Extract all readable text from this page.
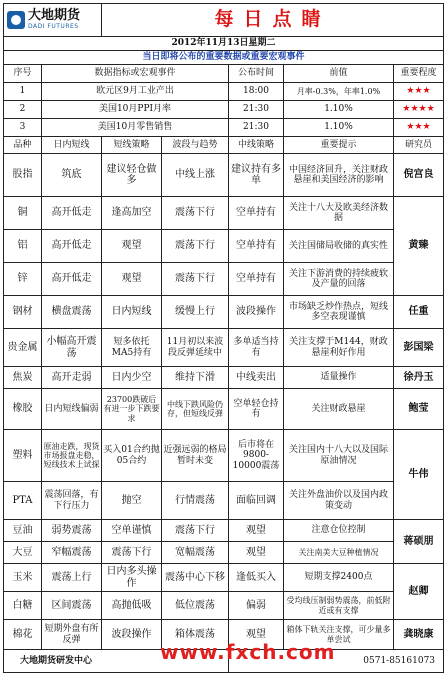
大地期货
DADI FUTURES		每日点睛				
2012年11月13日星期二						
当日即将公布的重要数据或重要宏观事件						
序号	数据指标或宏观事件			公布时间	前值	重要程度
1	欧元区9月工业产出			18:00	月率-0.3%，年率1.0%	★★★
2	美国10月PPI月率			21:30	1.10%	★★★★
3	美国10月零售销售			21:30	1.10%	★★★
品种	日内短线	短线策略	波段与趋势	中线策略	重要提示	研究员
股指	筑底	建议轻仓做多	中线上涨	建议持有多单	中国经济回升，关注财政悬崖和美国经济的影响	倪宫良
铜	高开低走	逢高加空	震荡下行	空单持有	关注十八大及欧美经济数据	黄臻
铝	高开低走	观望	震荡下行	空单持有	关注国储局收储的真实性	
锌	高开低走	观望	震荡下行	空单持有	关注下游消费的持续疲软及产量的回落	
钢材	横盘震荡	日内短线	缓慢上行	波段操作	市场缺乏炒作热点，短线多空表现谨慎	任重
贵金属	小幅高开震荡	短多依托MA5持有	11月初以来波段反弹延续中	多单适当持有	关注支撑于M144，财政悬崖利好作用	彭国梁
焦炭	高开走弱	日内少空	维持下滑	中线卖出	适量操作	徐丹玉
橡胶	日内短线偏弱	23700跌破后有进一步下跌要求	中线下跌风险仍存，但短线反弹	空单轻仓持有	关注财政悬崖	鲍莹
塑料	原油走跌，现货市场报盘走稳，短线技术上试探	买入01合约抛05合约	近强远弱的格局暂时未变	后市将在9800-10000震荡	关注国内十八大以及国际原油情况	牛伟
PTA	震荡回落，有下行压力	抛空	行情震荡	面临回调	关注外盘油价以及国内政策变动	
豆油	弱势震荡	空单谨慎	震荡下行	观望	注意仓位控制	蒋硕朋
大豆	窄幅震荡	震荡下行	宽幅震荡	观望	关注南美大豆种植情况	
玉米	震荡上行	日内多头操作	震荡中心下移	逢低买入	短期支撑2400点	赵卿
白糖	区间震荡	高抛低吸	低位震荡	偏弱	受均线压制弱势震荡，前低附近或有支撑	
棉花	短期外盘有所反弹	波段操作	箱体震荡	观望	箱体下轨关注支撑，可少量多单尝试	龚晓康
大地期货研发中心				0571-85161073		
www.fxch.com
